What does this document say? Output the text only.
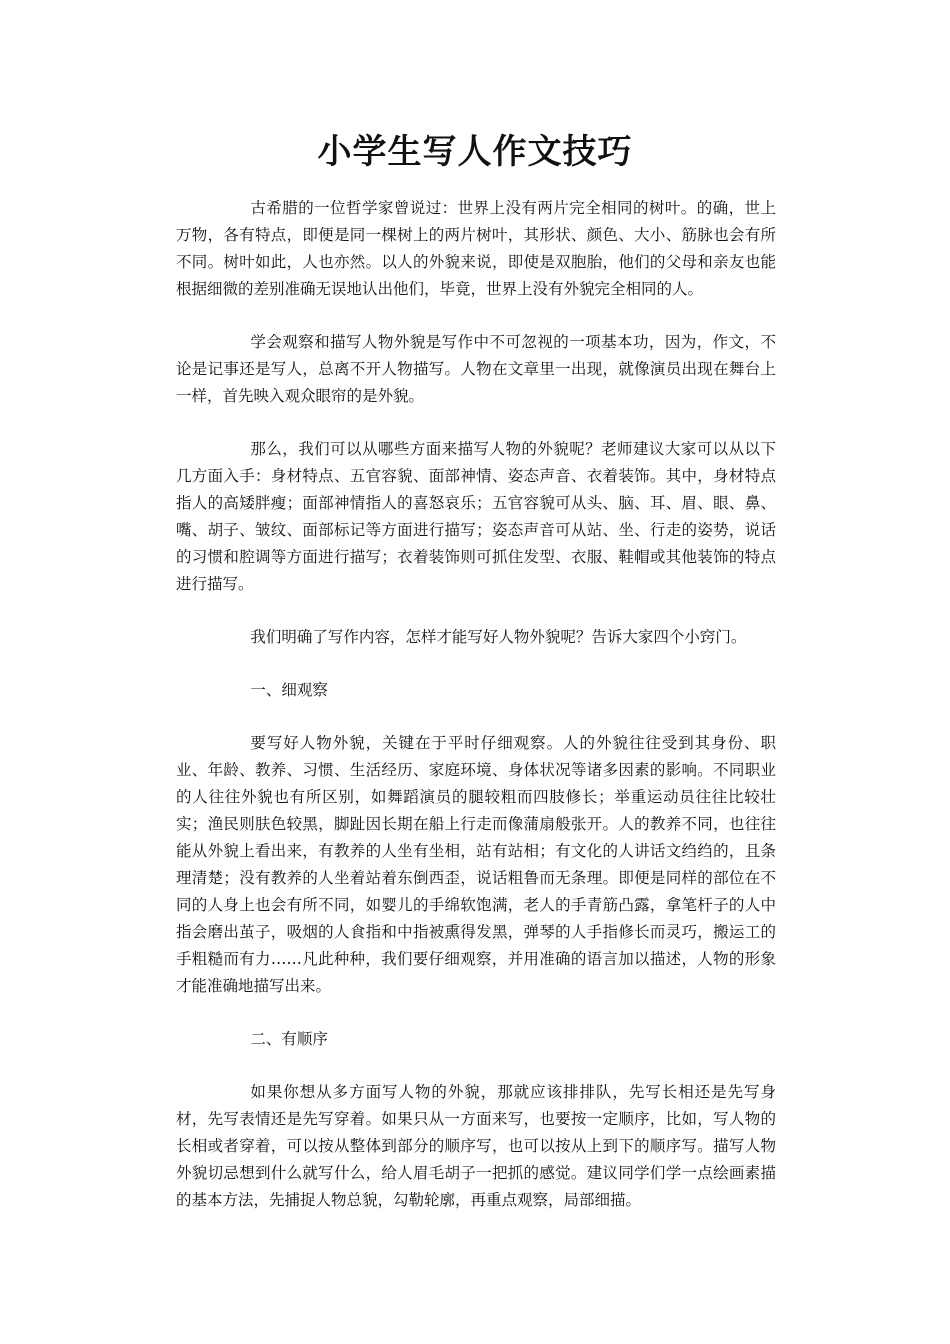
小学生写人作文技巧

古希腊的一位哲学家曾说过：世界上没有两片完全相同的树叶。的确，世上万物，各有特点，即便是同一棵树上的两片树叶，其形状、颜色、大小、筋脉也会有所不同。树叶如此，人也亦然。以人的外貌来说，即使是双胞胎，他们的父母和亲友也能根据细微的差别准确无误地认出他们，毕竟，世界上没有外貌完全相同的人。

学会观察和描写人物外貌是写作中不可忽视的一项基本功，因为，作文，不论是记事还是写人，总离不开人物描写。人物在文章里一出现，就像演员出现在舞台上一样，首先映入观众眼帘的是外貌。

那么，我们可以从哪些方面来描写人物的外貌呢？老师建议大家可以从以下几方面入手：身材特点、五官容貌、面部神情、姿态声音、衣着装饰。其中，身材特点指人的高矮胖瘦；面部神情指人的喜怒哀乐；五官容貌可从头、脑、耳、眉、眼、鼻、嘴、胡子、皱纹、面部标记等方面进行描写；姿态声音可从站、坐、行走的姿势，说话的习惯和腔调等方面进行描写；衣着装饰则可抓住发型、衣服、鞋帽或其他装饰的特点进行描写。

我们明确了写作内容，怎样才能写好人物外貌呢？告诉大家四个小窍门。

一、细观察

要写好人物外貌，关键在于平时仔细观察。人的外貌往往受到其身份、职业、年龄、教养、习惯、生活经历、家庭环境、身体状况等诸多因素的影响。不同职业的人往往外貌也有所区别，如舞蹈演员的腿较粗而四肢修长；举重运动员往往比较壮实；渔民则肤色较黑，脚趾因长期在船上行走而像蒲扇般张开。人的教养不同，也往往能从外貌上看出来，有教养的人坐有坐相，站有站相；有文化的人讲话文绉绉的，且条理清楚；没有教养的人坐着站着东倒西歪，说话粗鲁而无条理。即便是同样的部位在不同的人身上也会有所不同，如婴儿的手绵软饱满，老人的手青筋凸露，拿笔杆子的人中指会磨出茧子，吸烟的人食指和中指被熏得发黑，弹琴的人手指修长而灵巧，搬运工的手粗糙而有力……凡此种种，我们要仔细观察，并用准确的语言加以描述，人物的形象才能准确地描写出来。

二、有顺序

如果你想从多方面写人物的外貌，那就应该排排队，先写长相还是先写身材，先写表情还是先写穿着。如果只从一方面来写，也要按一定顺序，比如，写人物的长相或者穿着，可以按从整体到部分的顺序写，也可以按从上到下的顺序写。描写人物外貌切忌想到什么就写什么，给人眉毛胡子一把抓的感觉。建议同学们学一点绘画素描的基本方法，先捕捉人物总貌，勾勒轮廓，再重点观察，局部细描。
